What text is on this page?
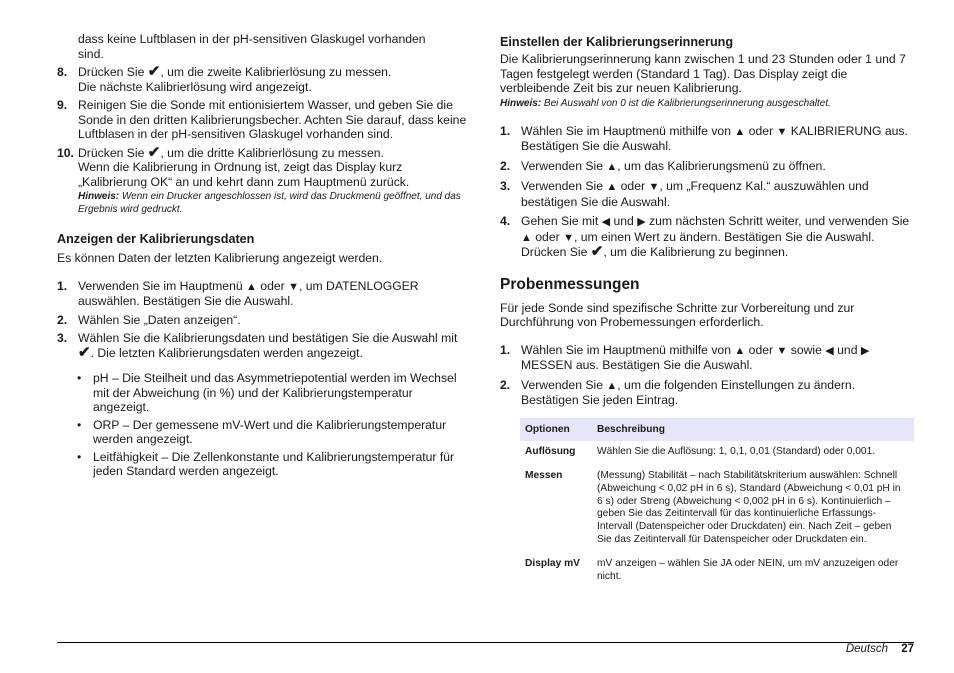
dass keine Luftblasen in der pH-sensitiven Glaskugel vorhanden

sind.

8. Drücken Sie ✔, um die zweite Kalibrierlösung zu messen.
Die nächste Kalibrierlösung wird angezeigt.
9. Reinigen Sie die Sonde mit entionisiertem Wasser, und geben Sie die Sonde in den dritten Kalibrierungsbecher. Achten Sie darauf, dass keine Luftblasen in der pH-sensitiven Glaskugel vorhanden sind.
10. Drücken Sie ✔, um die dritte Kalibrierlösung zu messen.
Wenn die Kalibrierung in Ordnung ist, zeigt das Display kurz „Kalibrierung OK“ an und kehrt dann zum Hauptmenü zurück.
Hinweis: Wenn ein Drucker angeschlossen ist, wird das Druckmenü geöffnet, und das Ergebnis wird gedruckt.
Anzeigen der Kalibrierungsdaten

Es können Daten der letzten Kalibrierung angezeigt werden.

1. Verwenden Sie im Hauptmenü ▲ oder ▼, um DATENLOGGER auswählen. Bestätigen Sie die Auswahl.
2. Wählen Sie „Daten anzeigen“.
3. Wählen Sie die Kalibrierungsdaten und bestätigen Sie die Auswahl mit ✔. Die letzten Kalibrierungsdaten werden angezeigt.
• pH – Die Steilheit und das Asymmetriepotential werden im Wechsel mit der Abweichung (in %) und der Kalibrierungstemperatur angezeigt.
• ORP – Der gemessene mV-Wert und die Kalibrierungstemperatur werden angezeigt.
• Leitfähigkeit – Die Zellenkonstante und Kalibrierungstemperatur für jeden Standard werden angezeigt.
Einstellen der Kalibrierungserinnerung

Die Kalibrierungserinnerung kann zwischen 1 und 23 Stunden oder 1 und 7 Tagen festgelegt werden (Standard 1 Tag). Das Display zeigt die verbleibende Zeit bis zur neuen Kalibrierung.

Hinweis: Bei Auswahl von 0 ist die Kalibrierungserinnerung ausgeschaltet.
1. Wählen Sie im Hauptmenü mithilfe von ▲ oder ▼ KALIBRIERUNG aus. Bestätigen Sie die Auswahl.
2. Verwenden Sie ▲, um das Kalibrierungsmenü zu öffnen.
3. Verwenden Sie ▲ oder ▼, um „Frequenz Kal.“ auszuwählen und bestätigen Sie die Auswahl.
4. Gehen Sie mit ◀ und ▶ zum nächsten Schritt weiter, und verwenden Sie ▲ oder ▼, um einen Wert zu ändern. Bestätigen Sie die Auswahl.
Drücken Sie ✔, um die Kalibrierung zu beginnen.
Probenmessungen

Für jede Sonde sind spezifische Schritte zur Vorbereitung und zur Durchführung von Probemessungen erforderlich.

1. Wählen Sie im Hauptmenü mithilfe von ▲ oder ▼ sowie ◀ und ▶ MESSEN aus. Bestätigen Sie die Auswahl.
2. Verwenden Sie ▲, um die folgenden Einstellungen zu ändern. Bestätigen Sie jeden Eintrag.
Optionen	Beschreibung
Auflösung	Wählen Sie die Auflösung: 1, 0,1, 0,01 (Standard) oder 0,001.
Messen	(Messung) Stabilität – nach Stabilitätskriterium auswählen: Schnell (Abweichung < 0,02 pH in 6 s), Standard (Abweichung < 0,01 pH in 6 s) oder Streng (Abweichung < 0,002 pH in 6 s). Kontinuierlich – geben Sie das Zeitintervall für das kontinuierliche Erfassungs- Intervall (Datenspeicher oder Druckdaten) ein. Nach Zeit – geben Sie das Zeitintervall für Datenspeicher oder Druckdaten ein.
Display mV	mV anzeigen – wählen Sie JA oder NEIN, um mV anzuzeigen oder nicht.
Deutsch 27
